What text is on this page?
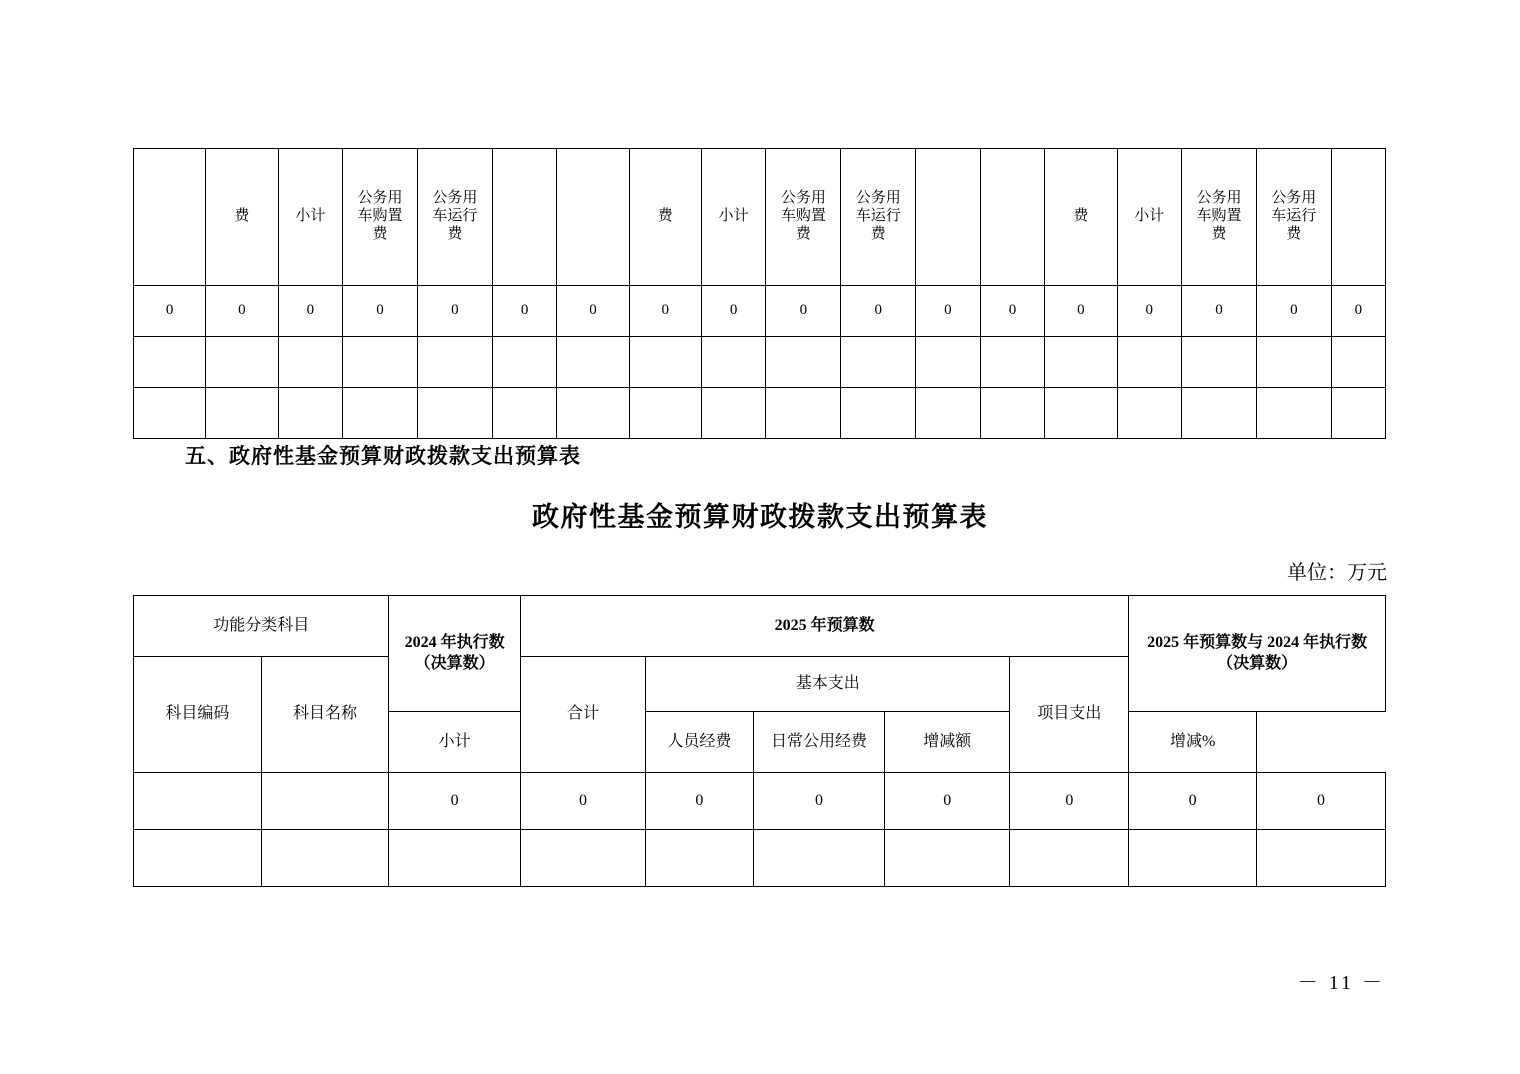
	费	小计	公务用车购置费	公务用车运行费			费	小计	公务用车购置费	公务用车运行费			费	小计	公务用车购置费	公务用车运行费	
0	0	0	0	0	0	0	0	0	0	0	0	0	0	0	0	0	0

五、政府性基金预算财政拨款支出预算表
政府性基金预算财政拨款支出预算表
单位：万元
功能分类科目		2024 年执行数（决算数）	2025 年预算数					2025 年预算数与 2024 年执行数（决算数）	
科目编码	科目名称		合计	基本支出			项目支出		
		小计		人员经费	日常公用经费	增减额		增减%	
		0	0	0	0	0	0	0	0

－ 11 －
